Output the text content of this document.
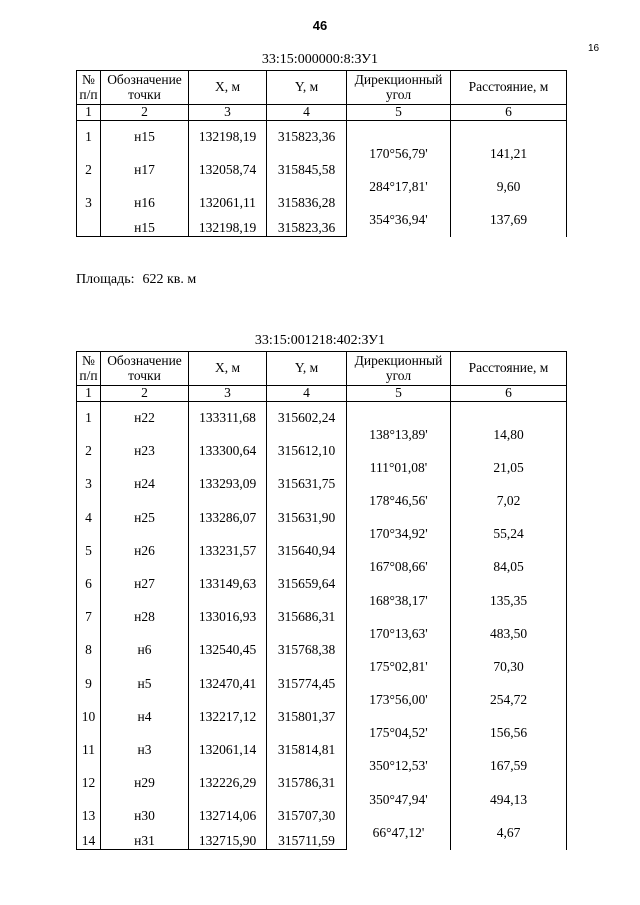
46
16
33:15:000000:8:ЗУ1
№
п/п	Обозначение
точки	X, м	Y, м	Дирекционный
угол	Расстояние, м
1	2	3	4	5	6
1	н15	132198,19	315823,36		
				170°56,79'	141,21
2	н17	132058,74	315845,58		
				284°17,81'	9,60
3	н16	132061,11	315836,28		
				354°36,94'	137,69
	н15	132198,19	315823,36		
Площадь: 622 кв. м
33:15:001218:402:ЗУ1
№
п/п	Обозначение
точки	X, м	Y, м	Дирекционный
угол	Расстояние, м
1	2	3	4	5	6
1	н22	133311,68	315602,24		
				138°13,89'	14,80
2	н23	133300,64	315612,10		
				111°01,08'	21,05
3	н24	133293,09	315631,75		
				178°46,56'	7,02
4	н25	133286,07	315631,90		
				170°34,92'	55,24
5	н26	133231,57	315640,94		
				167°08,66'	84,05
6	н27	133149,63	315659,64		
				168°38,17'	135,35
7	н28	133016,93	315686,31		
				170°13,63'	483,50
8	н6	132540,45	315768,38		
				175°02,81'	70,30
9	н5	132470,41	315774,45		
				173°56,00'	254,72
10	н4	132217,12	315801,37		
				175°04,52'	156,56
11	н3	132061,14	315814,81		
				350°12,53'	167,59
12	н29	132226,29	315786,31		
				350°47,94'	494,13
13	н30	132714,06	315707,30		
				66°47,12'	4,67
14	н31	132715,90	315711,59		
